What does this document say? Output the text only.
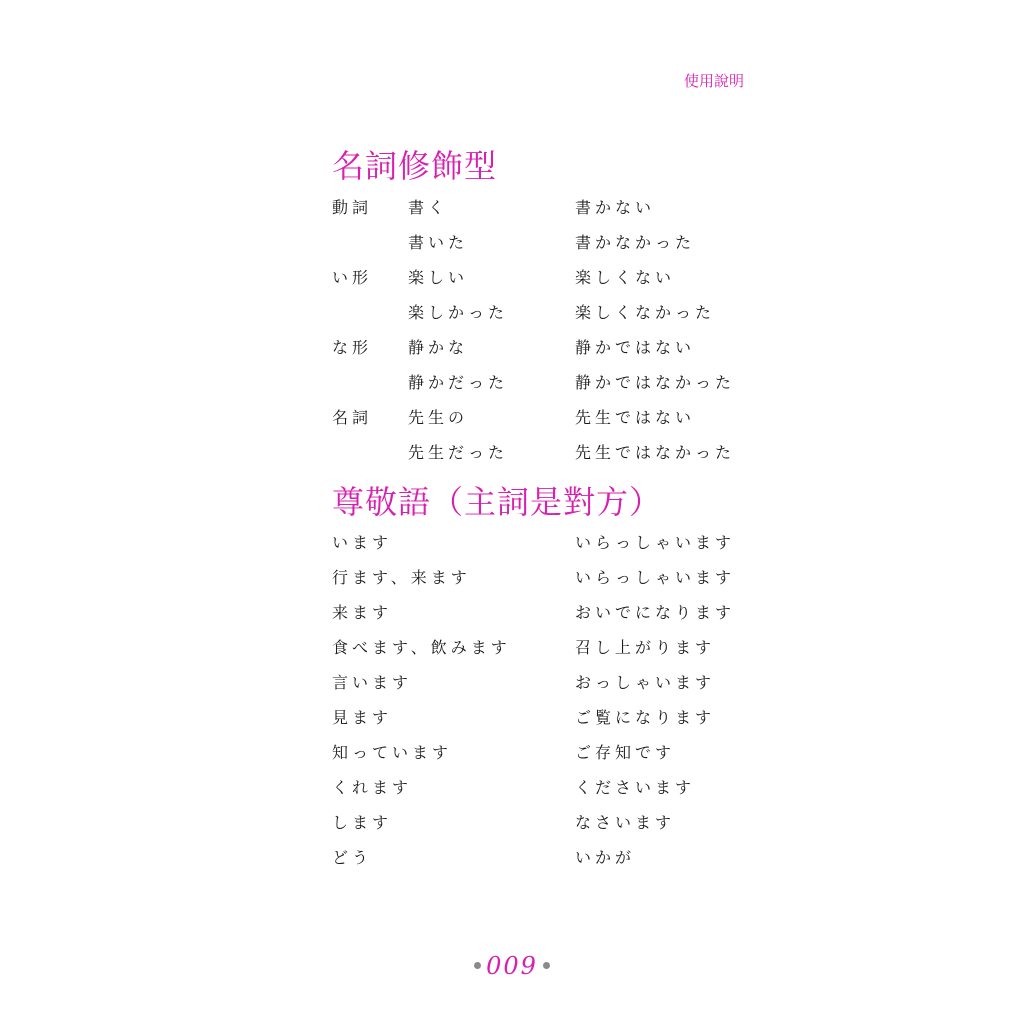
使用說明
名詞修飾型
動詞 書く	書かない
書いた	書かなかった
い形 楽しい	楽しくない
楽しかった	楽しくなかった
な形 静かな	静かではない
静かだった	静かではなかった
名詞 先生の	先生ではない
先生だった	先生ではなかった
尊敬語（主詞是對方）
います	いらっしゃいます
行ます、来ます	いらっしゃいます
来ます	おいでになります
食べます、飲みます	召し上がります
言います	おっしゃいます
見ます	ご覧になります
知っています	ご存知です
くれます	くださいます
します	なさいます
どう	いかが
009
